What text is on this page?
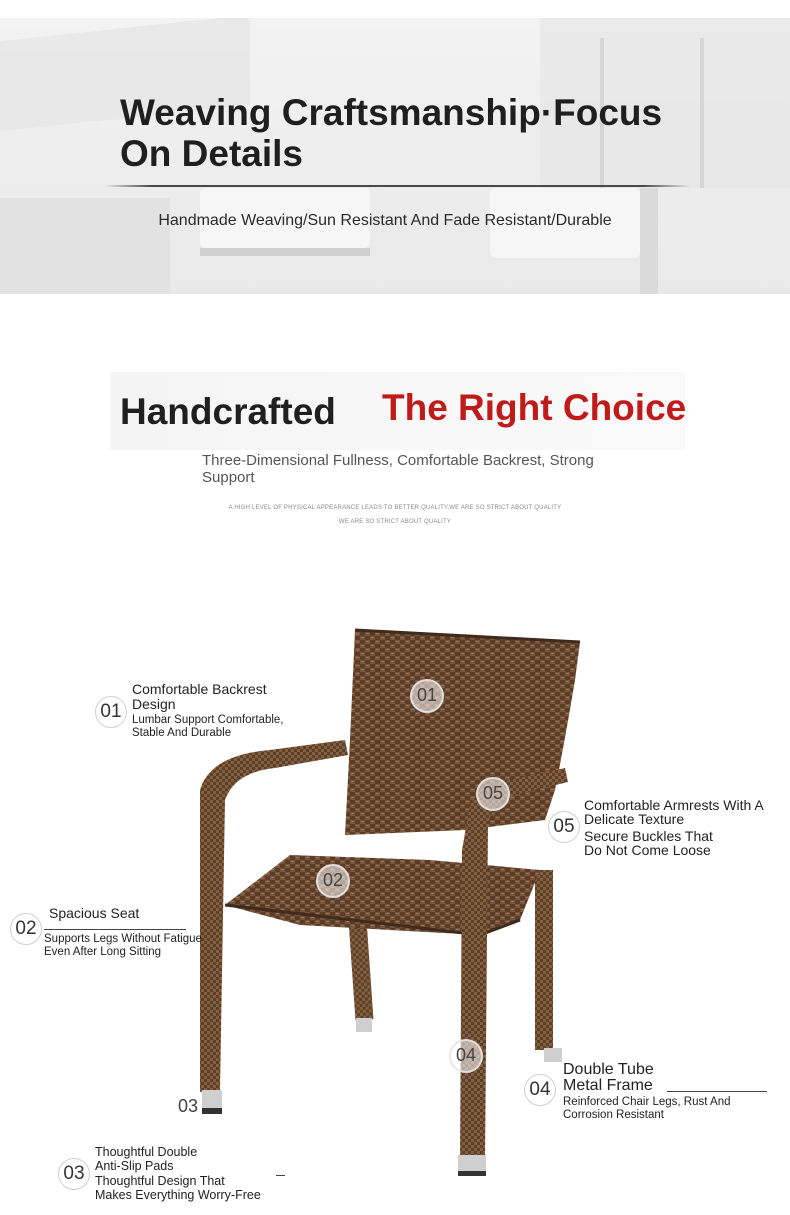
Weaving Craftsmanship·Focus On Details
Handmade Weaving/Sun Resistant And Fade Resistant/Durable
Handcrafted The Right Choice
Three-Dimensional Fullness, Comfortable Backrest, Strong Support
A HIGH LEVEL OF PHYSICAL APPEARANCE LEADS TO BETTER QUALITY,WE ARE SO STRICT ABOUT QUALITY
WE ARE SO STRICT ABOUT QUALITY
01
02
03
04
05
01
Comfortable Backrest Design
Lumbar Support Comfortable, Stable And Durable
02
Spacious Seat
Supports Legs Without Fatigue
Even After Long Sitting
03
Thoughtful Double
Anti-Slip Pads
Thoughtful Design That
Makes Everything Worry-Free
04
Double Tube
Metal Frame
Reinforced Chair Legs, Rust And
Corrosion Resistant
05
Comfortable Armrests With A
Delicate Texture
Secure Buckles That
Do Not Come Loose
